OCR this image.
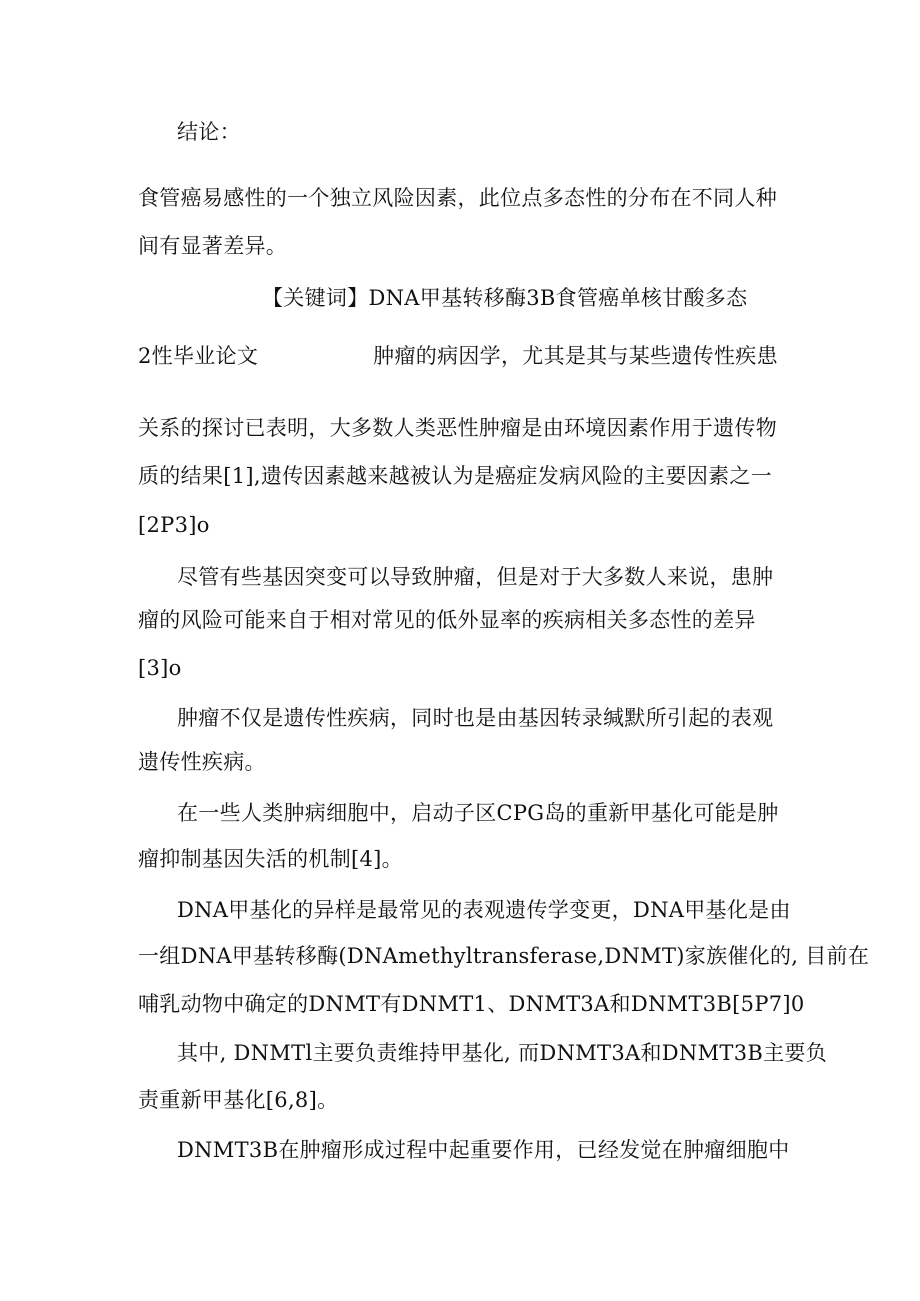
结论：
食管癌易感性的一个独立风险因素，此位点多态性的分布在不同人种
间有显著差异。
【关键词】DNA甲基转移酶3B食管癌单核甘酸多态
2性毕业论文	肿瘤的病因学，尤其是其与某些遗传性疾患
关系的探讨已表明，大多数人类恶性肿瘤是由环境因素作用于遗传物
质的结果[1],遗传因素越来越被认为是癌症发病风险的主要因素之一
[2P3]o
尽管有些基因突变可以导致肿瘤，但是对于大多数人来说，患肿
瘤的风险可能来自于相对常见的低外显率的疾病相关多态性的差异
[3]o
肿瘤不仅是遗传性疾病，同时也是由基因转录缄默所引起的表观
遗传性疾病。
在一些人类肿病细胞中，启动子区CPG岛的重新甲基化可能是肿
瘤抑制基因失活的机制[4]。
DNA甲基化的异样是最常见的表观遗传学变更，DNA甲基化是由
一组DNA甲基转移酶(DNAmethyltransferase,DNMT)家族催化的, 目前在
哺乳动物中确定的DNMT有DNMT1、DNMT3A和DNMT3B[5P7]0
其中, DNMTl主要负责维持甲基化, 而DNMT3A和DNMT3B主要负
责重新甲基化[6,8]。
DNMT3B在肿瘤形成过程中起重要作用，已经发觉在肿瘤细胞中
